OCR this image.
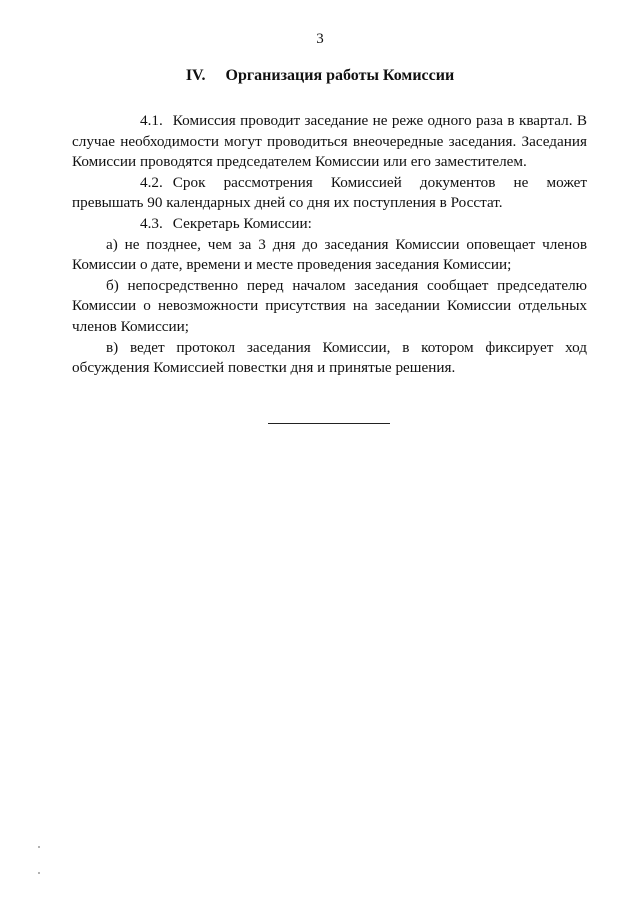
3
IV. Организация работы Комиссии

4.1. Комиссия проводит заседание не реже одного раза в квартал. В случае необходимости могут проводиться внеочередные заседания. Заседания Комиссии проводятся председателем Комиссии или его заместителем.

4.2. Срок рассмотрения Комиссией документов не может превышать 90 календарных дней со дня их поступления в Росстат.

4.3. Секретарь Комиссии:

а) не позднее, чем за 3 дня до заседания Комиссии оповещает членов Комиссии о дате, времени и месте проведения заседания Комиссии;

б) непосредственно перед началом заседания сообщает председателю Комиссии о невозможности присутствия на заседании Комиссии отдельных членов Комиссии;

в) ведет протокол заседания Комиссии, в котором фиксирует ход обсуждения Комиссией повестки дня и принятые решения.
